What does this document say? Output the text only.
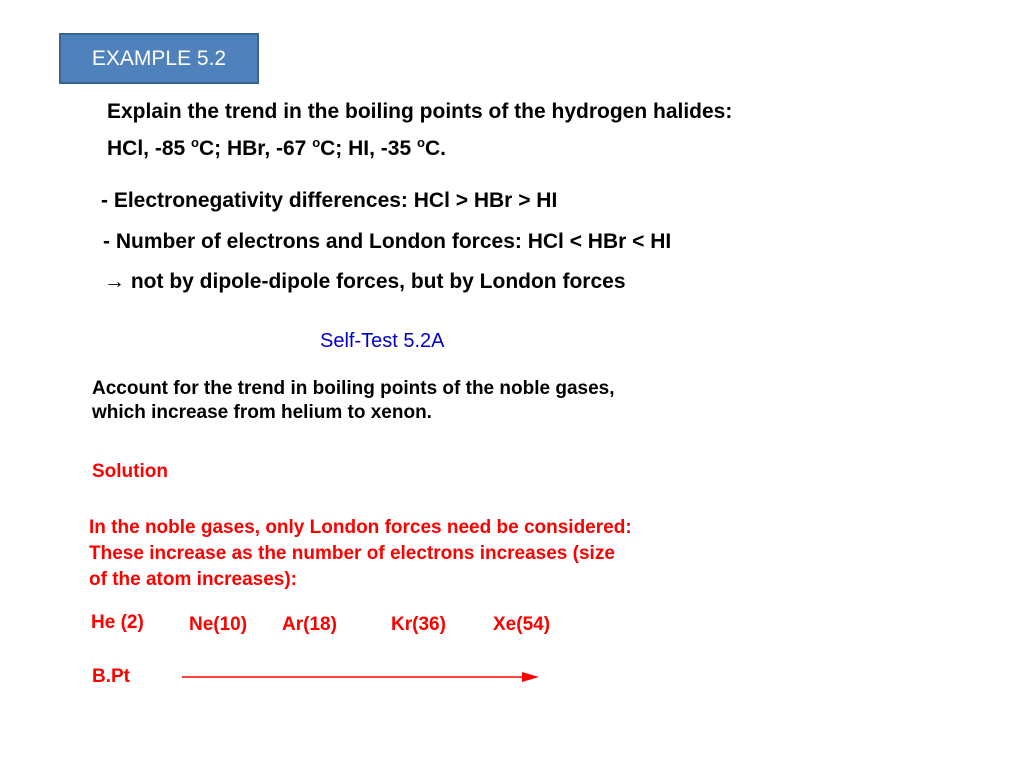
EXAMPLE 5.2
Explain the trend in the boiling points of the hydrogen halides:
HCl, -85 $^o$C; HBr, -67 $^o$C; HI, -35 $^o$C.
- Electronegativity differences: HCl > HBr > HI
- Number of electrons and London forces: HCl < HBr < HI
→ not by dipole-dipole forces, but by London forces
Self-Test 5.2A
Account for the trend in boiling points of the noble gases,
which increase from helium to xenon.
Solution
In the noble gases, only London forces need be considered:
These increase as the number of electrons increases (size
of the atom increases):
He (2) Ne(10) Ar(18)	Kr(36) Xe(54)
B.Pt
